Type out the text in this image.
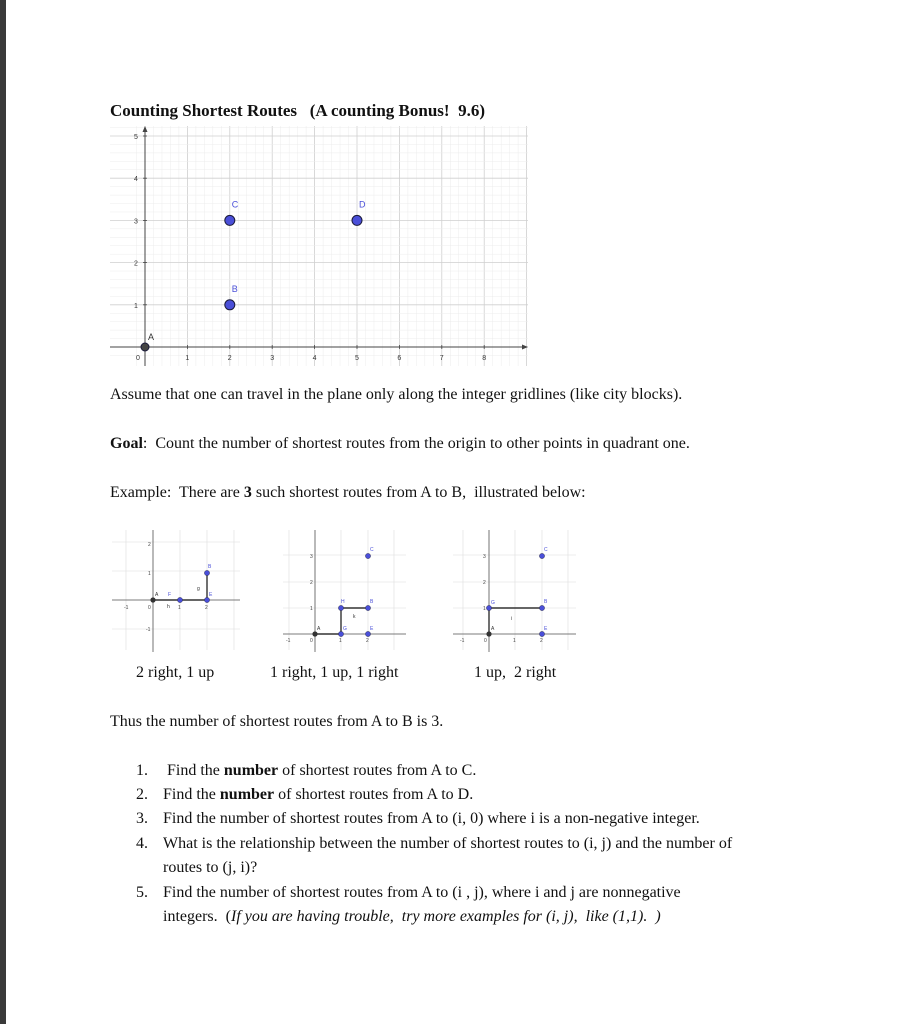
Counting Shortest Routes   (A counting Bonus!  9.6)
0	1	2	3	4	5	6	7	8
1
2
3
4
5
A
B
C	D
Assume that one can travel in the plane only along the integer gridlines (like city blocks).
Goal:  Count the number of shortest routes from the origin to other points in quadrant one.
Example:  There are 3 such shortest routes from A to B,  illustrated below:
-1	0	1	2
-1
1
2
A F
h
g
E
B
-1	0	1	2
1
2
3
A	G
H
k
B
E
C
-1	0	1	2
1
2
3
A
G	B
E
C
i
2 right, 1 up	1 right, 1 up, 1 right	1 up,  2 right
Thus the number of shortest routes from A to B is 3.
1. Find the number of shortest routes from A to C.
2. Find the number of shortest routes from A to D.
3. Find the number of shortest routes from A to (i, 0) where i is a non-negative integer.
4. What is the relationship between the number of shortest routes to (i, j) and the number of
routes to (j, i)?
5. Find the number of shortest routes from A to (i , j), where i and j are nonnegative
integers.  (If you are having trouble,  try more examples for (i, j),  like (1,1).  )
